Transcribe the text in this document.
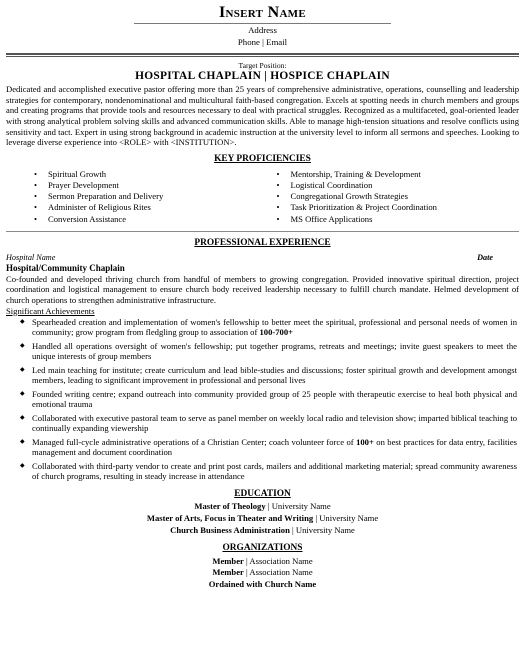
Insert Name
Address
Phone | Email
Target Position:
HOSPITAL CHAPLAIN | HOSPICE CHAPLAIN
Dedicated and accomplished executive pastor offering more than 25 years of comprehensive administrative, operations, counselling and leadership strategies for contemporary, nondenominational and multicultural faith-based congregation. Excels at spotting needs in church members and groups and creating programs that provide tools and resources necessary to deal with practical struggles. Recognized as a multifaceted, goal-oriented leader with strong analytical problem solving skills and advanced communication skills. Able to manage high-tension situations and resolve conflicts using sensitivity and tact. Expert in using strong background in academic instruction at the university level to inform all sermons and speeches. Looking to leverage diverse experience into <ROLE> with <INSTITUTION>.
KEY PROFICIENCIES
• Spiritual Growth
• Prayer Development
• Sermon Preparation and Delivery
• Administer of Religious Rites
• Conversion Assistance
• Mentorship, Training & Development
• Logistical Coordination
• Congregational Growth Strategies
• Task Prioritization & Project Coordination
• MS Office Applications
PROFESSIONAL EXPERIENCE
Hospital Name	Date
Hospital/Community Chaplain
Co-founded and developed thriving church from handful of members to growing congregation. Provided innovative spiritual direction, project coordination and logistical management to ensure church body received leadership necessary to fulfill church mandate. Helmed development of church operations to strengthen administrative infrastructure.
Significant Achievements
◆ Spearheaded creation and implementation of women's fellowship to better meet the spiritual, professional and personal needs of women in community; grow program from fledgling group to association of 100-700+
◆ Handled all operations oversight of women's fellowship; put together programs, retreats and meetings; invite guest speakers to meet the unique interests of group members
◆ Led main teaching for institute; create curriculum and lead bible-studies and discussions; foster spiritual growth and development amongst members, leading to significant improvement in professional and personal lives
◆ Founded writing centre; expand outreach into community provided group of 25 people with therapeutic exercise to heal both physical and emotional trauma
◆ Collaborated with executive pastoral team to serve as panel member on weekly local radio and television show; imparted biblical teaching to continually expanding viewership
◆ Managed full-cycle administrative operations of a Christian Center; coach volunteer force of 100+ on best practices for data entry, facilities management and document coordination
◆ Collaborated with third-party vendor to create and print post cards, mailers and additional marketing material; spread community awareness of church programs, resulting in steady increase in attendance
EDUCATION
Master of Theology | University Name
Master of Arts, Focus in Theater and Writing | University Name
Church Business Administration | University Name
ORGANIZATIONS
Member | Association Name
Member | Association Name
Ordained with Church Name
